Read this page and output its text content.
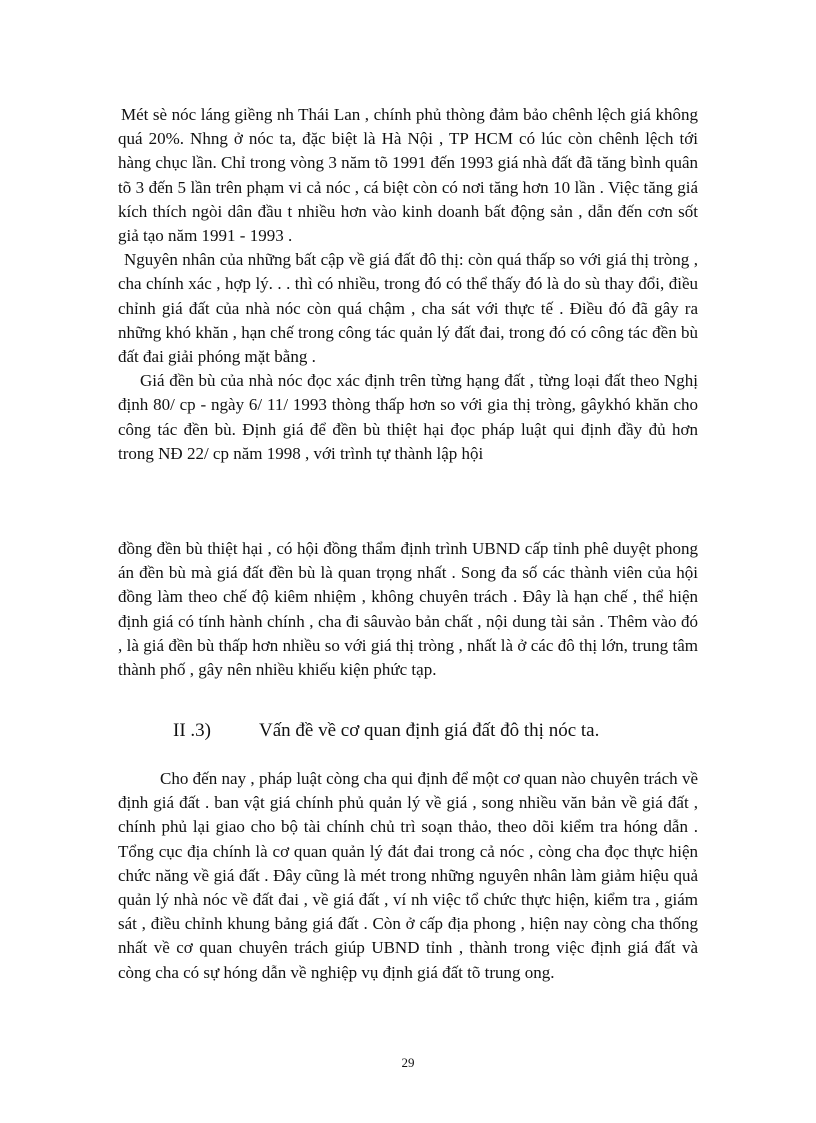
Mét sè nóc láng giềng nh Thái Lan , chính phủ thòng đảm bảo chênh lệch giá không quá 20%. Nhng ở nóc ta, đặc biệt là Hà Nội , TP HCM có lúc còn chênh lệch tới hàng chục lần. Chỉ trong vòng 3 năm tõ 1991 đến 1993 giá nhà đất đã tăng bình quân tõ 3 đến 5 lần trên phạm vi cả nóc , cá biệt còn có nơi tăng hơn 10 lần . Việc tăng giá kích thích ngòi dân đầu t nhiều hơn vào kinh doanh bất động sản , dẫn đến cơn sốt giả tạo năm 1991 - 1993 .

Nguyên nhân của những bất cập về giá đất đô thị: còn quá thấp so với giá thị tròng , cha chính xác , hợp lý. . . thì có nhiều, trong đó có thể thấy đó là do sù thay đổi, điều chỉnh giá đất của nhà nóc còn quá chậm , cha sát với thực tế . Điều đó đã gây ra những khó khăn , hạn chế trong công tác quản lý đất đai, trong đó có công tác đền bù đất đai giải phóng mặt bằng .

Giá đền bù của nhà nóc đọc xác định trên từng hạng đất , từng loại đất theo Nghị định 80/ cp - ngày 6/ 11/ 1993 thòng thấp hơn so với gia thị tròng, gâykhó khăn cho công tác đền bù. Định giá để đền bù thiệt hại đọc pháp luật qui định đầy đủ hơn trong NĐ 22/ cp năm 1998 , với trình tự thành lập hội

đồng đền bù thiệt hại , có hội đồng thẩm định trình UBND cấp tỉnh phê duyệt phong án đền bù mà giá đất đền bù là quan trọng nhất . Song đa số các thành viên của hội đồng làm theo chế độ kiêm nhiệm , không chuyên trách . Đây là hạn chế , thể hiện định giá có tính hành chính , cha đi sâuvào bản chất , nội dung tài sản . Thêm vào đó , là giá đền bù thấp hơn nhiều so với giá thị tròng , nhất là ở các đô thị lớn, trung tâm thành phố , gây nên nhiều khiếu kiện phức tạp.

II .3)	Vấn đề về cơ quan định giá đất đô thị nóc ta.

Cho đến nay , pháp luật còng cha qui định để một cơ quan nào chuyên trách về định giá đất . ban vật giá chính phủ quản lý về giá , song nhiều văn bản về giá đất , chính phủ lại giao cho bộ tài chính chủ trì soạn thảo, theo dõi kiểm tra hóng dẫn . Tổng cục địa chính là cơ quan quản lý đát đai trong cả nóc , còng cha đọc thực hiện chức năng về giá đất . Đây cũng là mét trong những nguyên nhân làm giảm hiệu quả quản lý nhà nóc về đất đai , về giá đất , ví nh việc tổ chức thực hiện, kiểm tra , giám sát , điều chỉnh khung bảng giá đất . Còn ở cấp địa phong , hiện nay còng cha thống nhất về cơ quan chuyên trách giúp UBND tỉnh , thành trong việc định giá đất và còng cha có sự hóng dẫn về nghiệp vụ định giá đất tõ trung ong.

29
